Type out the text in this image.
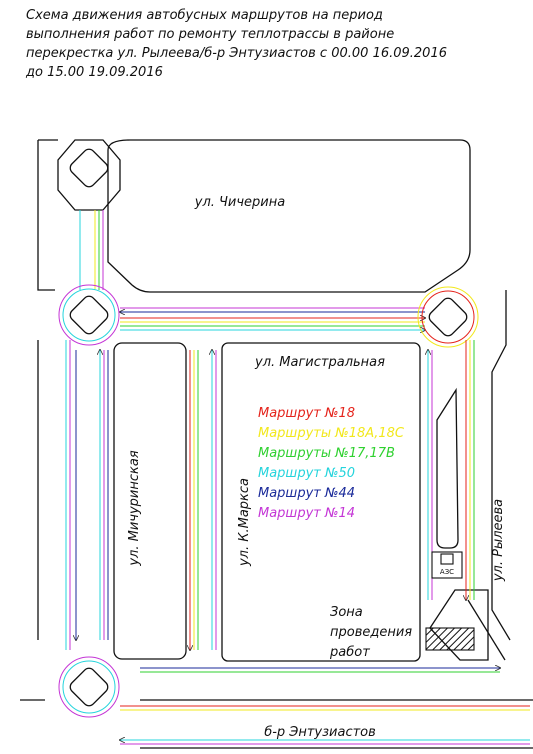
Схема движения автобусных маршрутов на период
выполнения работ по ремонту теплотрассы в районе
перекрестка ул. Рылеева/б-р Энтузиастов с 00.00 16.09.2016
до 15.00 19.09.2016
АЗС
ул. Чичерина
ул. Магистральная
ул. Мичуринская	ул. К.Маркса	ул. Рылеева
б-р Энтузиастов
Зона
проведения
работ
Маршрут №18
Маршруты №18А,18С
Маршруты №17,17В
Маршрут №50
Маршрут №44
Маршрут №14
